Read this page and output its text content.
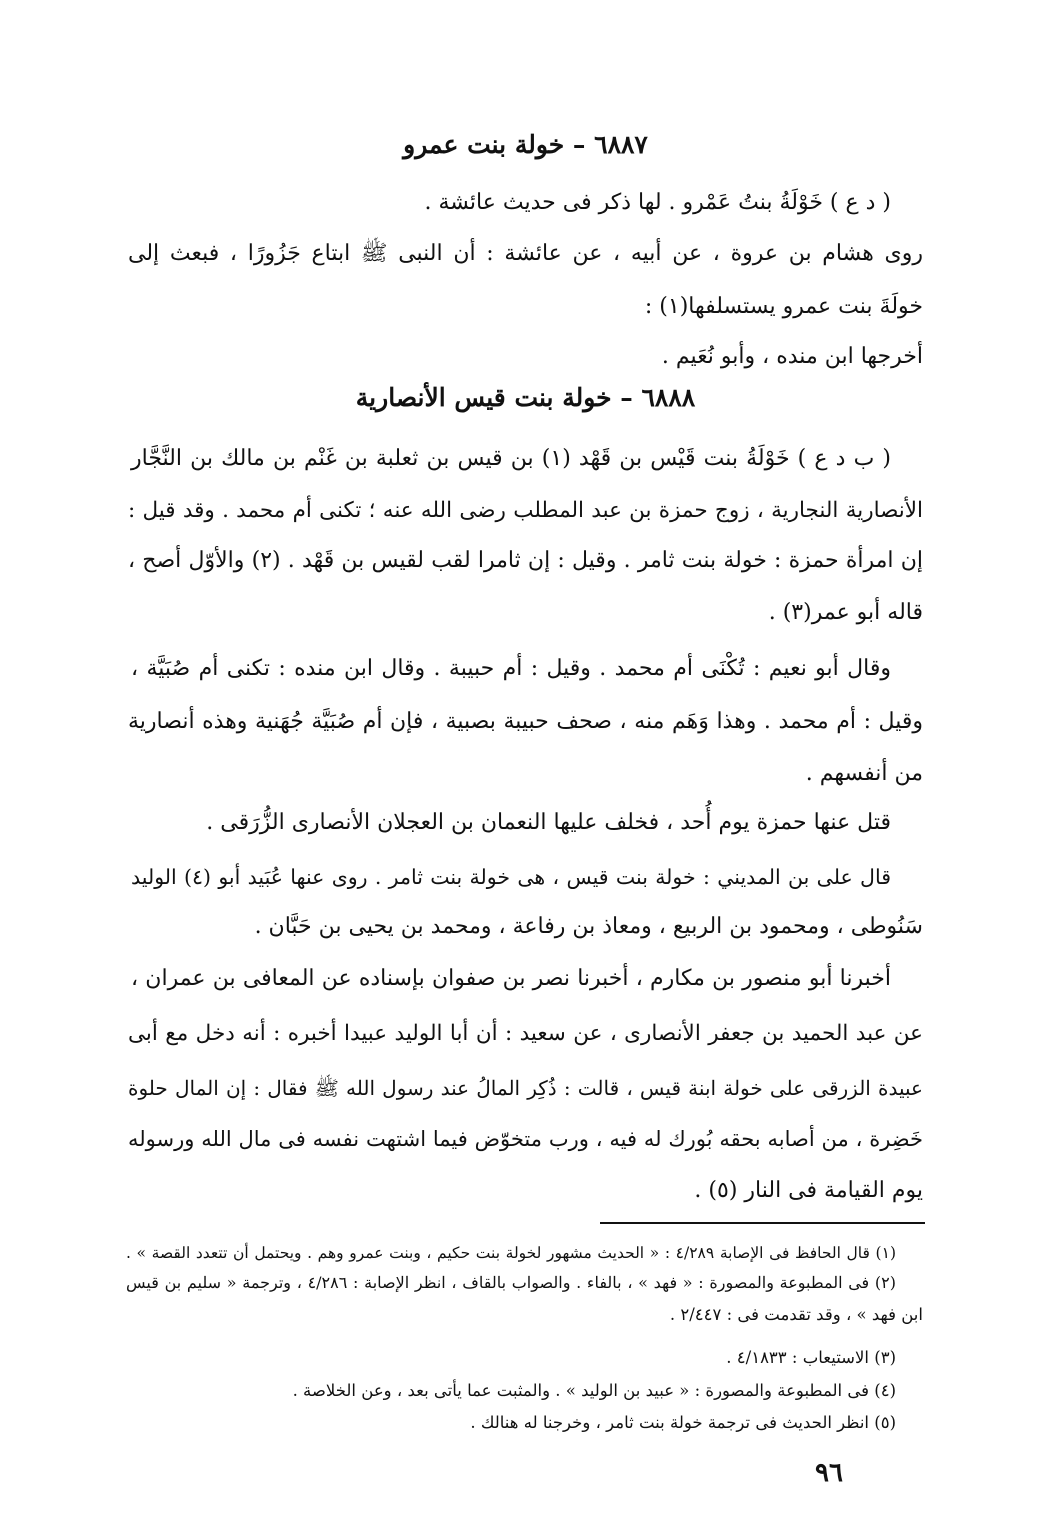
٦٨٨٧ – خولة بنت عمرو
( د ع ) خَوْلَةُ بنتُ عَمْرو . لها ذكر فى حديث عائشة .
روى هشام بن عروة ، عن أبيه ، عن عائشة : أن النبى ﷺ ابتاع جَزُورًا ، فبعث إلى
خولَةَ بنت عمرو يستسلفها(١) :
أخرجها ابن منده ، وأبو نُعَيم .
٦٨٨٨ – خولة بنت قيس الأنصارية
( ب د ع ) خَوْلَةُ بنت قَيْس بن قَهْد (١) بن قيس بن ثعلبة بن غَنْم بن مالك بن النَّجَّار
الأنصارية النجارية ، زوج حمزة بن عبد المطلب رضى الله عنه ؛ تكنى أم محمد . وقد قيل :
إن امرأة حمزة : خولة بنت ثامر . وقيل : إن ثامرا لقب لقيس بن قَهْد . (٢) والأوّل أصح ،
قاله أبو عمر(٣) .
وقال أبو نعيم : تُكْنَى أم محمد . وقيل : أم حبيبة . وقال ابن منده : تكنى أم صُبَيَّة ،
وقيل : أم محمد . وهذا وَهَم منه ، صحف حبيبة بصبية ، فإن أم صُبَيَّة جُهَنية وهذه أنصارية
من أنفسهم .
قتل عنها حمزة يوم أُحد ، فخلف عليها النعمان بن العجلان الأنصارى الزُّرَقى .
قال على بن المديني : خولة بنت قيس ، هى خولة بنت ثامر . روى عنها عُبَيد أبو (٤) الوليد
سَنُوطى ، ومحمود بن الربيع ، ومعاذ بن رفاعة ، ومحمد بن يحيى بن حَبَّان .
أخبرنا أبو منصور بن مكارم ، أخبرنا نصر بن صفوان بإسناده عن المعافى بن عمران ،
عن عبد الحميد بن جعفر الأنصارى ، عن سعيد : أن أبا الوليد عبيدا أخبره : أنه دخل مع أبى
عبيدة الزرقى على خولة ابنة قيس ، قالت : ذُكِر المالُ عند رسول الله ﷺ فقال : إن المال حلوة
خَضِرة ، من أصابه بحقه بُورك له فيه ، ورب متخوّض فيما اشتهت نفسه فى مال الله ورسوله
يوم القيامة فى النار (٥) .
(١) قال الحافظ فى الإصابة ٤/٢٨٩ : « الحديث مشهور لخولة بنت حكيم ، وبنت عمرو وهم . ويحتمل أن تتعدد القصة » .
(٢) فى المطبوعة والمصورة : « فهد » ، بالفاء . والصواب بالقاف ، انظر الإصابة : ٤/٢٨٦ ، وترجمة « سليم بن قيس
ابن فهد » ، وقد تقدمت فى : ٢/٤٤٧ .
(٣) الاستيعاب : ٤/١٨٣٣ .
(٤) فى المطبوعة والمصورة : « عبيد بن الوليد » . والمثبت عما يأتى بعد ، وعن الخلاصة .
(٥) انظر الحديث فى ترجمة خولة بنت ثامر ، وخرجنا له هنالك .
٩٦
